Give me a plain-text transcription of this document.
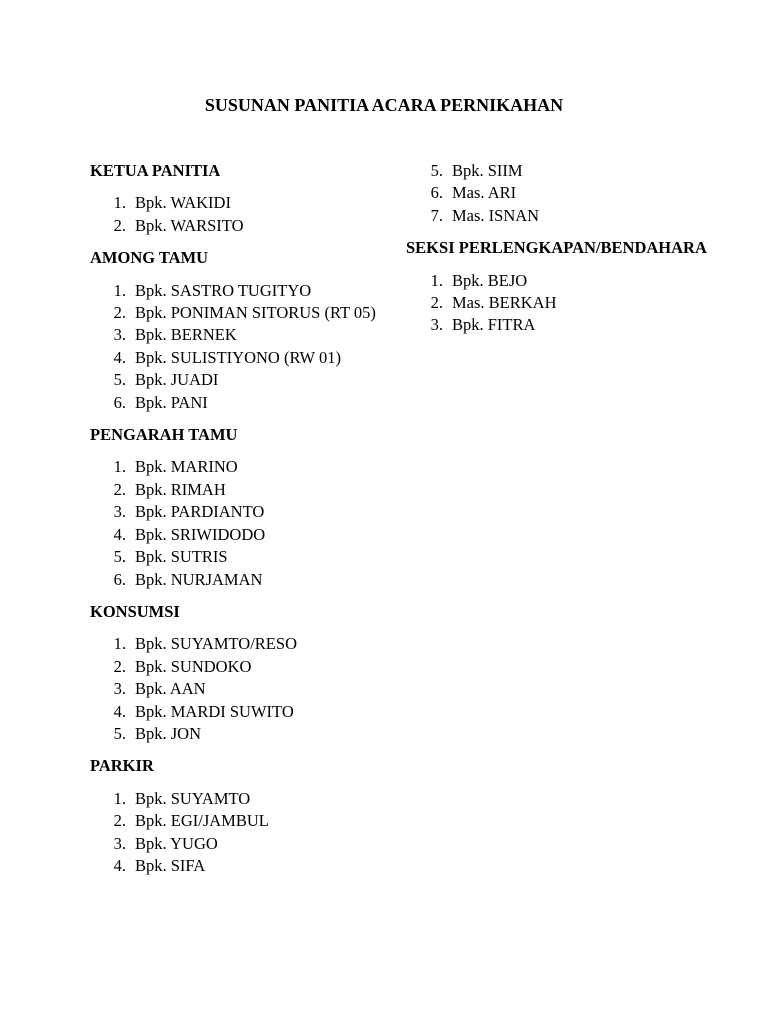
SUSUNAN PANITIA ACARA PERNIKAHAN
KETUA PANITIA
1. Bpk. WAKIDI
2. Bpk. WARSITO
AMONG TAMU
1. Bpk. SASTRO TUGITYO
2. Bpk. PONIMAN SITORUS (RT 05)
3. Bpk. BERNEK
4. Bpk. SULISTIYONO (RW 01)
5. Bpk. JUADI
6. Bpk. PANI
PENGARAH TAMU
1. Bpk. MARINO
2. Bpk. RIMAH
3. Bpk. PARDIANTO
4. Bpk. SRIWIDODO
5. Bpk. SUTRIS
6. Bpk. NURJAMAN
KONSUMSI
1. Bpk. SUYAMTO/RESO
2. Bpk. SUNDOKO
3. Bpk. AAN
4. Bpk. MARDI SUWITO
5. Bpk. JON
PARKIR
1. Bpk. SUYAMTO
2. Bpk. EGI/JAMBUL
3. Bpk. YUGO
4. Bpk. SIFA
5. Bpk. SIIM
6. Mas. ARI
7. Mas. ISNAN
SEKSI PERLENGKAPAN/BENDAHARA
1. Bpk. BEJO
2. Mas. BERKAH
3. Bpk. FITRA
